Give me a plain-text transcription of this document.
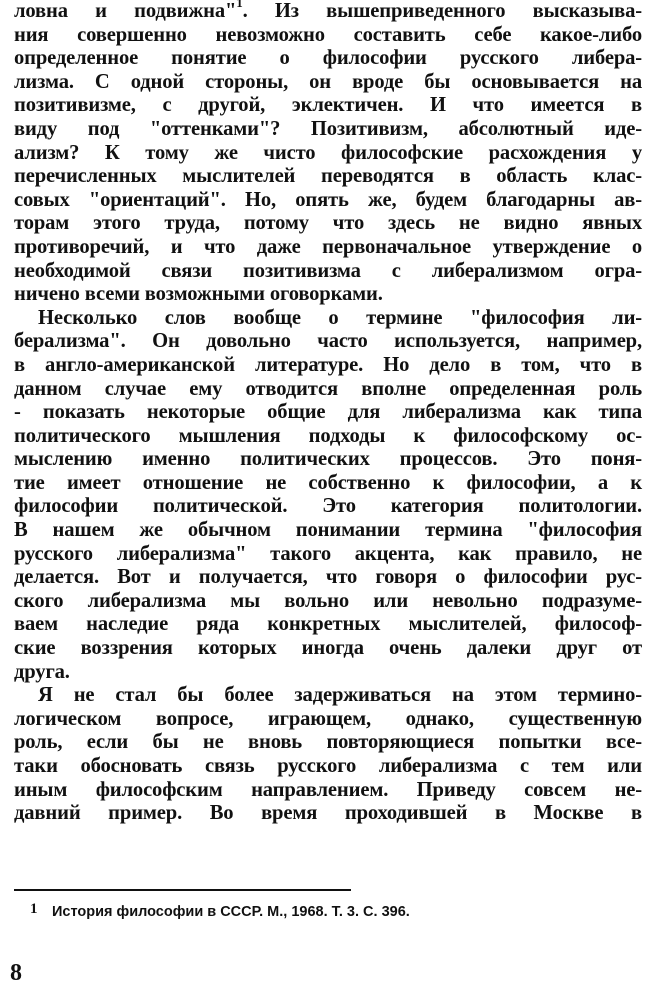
ловна и подвижна"$^1$. Из вышеприведенного высказыва-
ния совершенно невозможно составить себе какое-либо
определенное понятие о философии русского либера-
лизма. С одной стороны, он вроде бы основывается на
позитивизме, с другой, эклектичен. И что имеется в
виду под "оттенками"? Позитивизм, абсолютный иде-
ализм? К тому же чисто философские расхождения у
перечисленных мыслителей переводятся в область клас-
совых "ориентаций". Но, опять же, будем благодарны ав-
торам этого труда, потому что здесь не видно явных
противоречий, и что даже первоначальное утверждение о
необходимой связи позитивизма с либерализмом огра-
ничено всеми возможными оговорками.
Несколько слов вообще о термине "философия ли-
берализма". Он довольно часто используется, например,
в англо-американской литературе. Но дело в том, что в
данном случае ему отводится вполне определенная роль
- показать некоторые общие для либерализма как типа
политического мышления подходы к философскому ос-
мыслению именно политических процессов. Это поня-
тие имеет отношение не собственно к философии, а к
философии политической. Это категория политологии.
В нашем же обычном понимании термина "философия
русского либерализма" такого акцента, как правило, не
делается. Вот и получается, что говоря о философии рус-
ского либерализма мы вольно или невольно подразуме-
ваем наследие ряда конкретных мыслителей, философ-
ские воззрения которых иногда очень далеки друг от
друга.
Я не стал бы более задерживаться на этом термино-
логическом вопросе, играющем, однако, существенную
роль, если бы не вновь повторяющиеся попытки все-
таки обосновать связь русского либерализма с тем или
иным философским направлением. Приведу совсем не-
давний пример. Во время проходившей в Москве в
1 История философии в СССР. М., 1968. Т. 3. С. 396.
8
